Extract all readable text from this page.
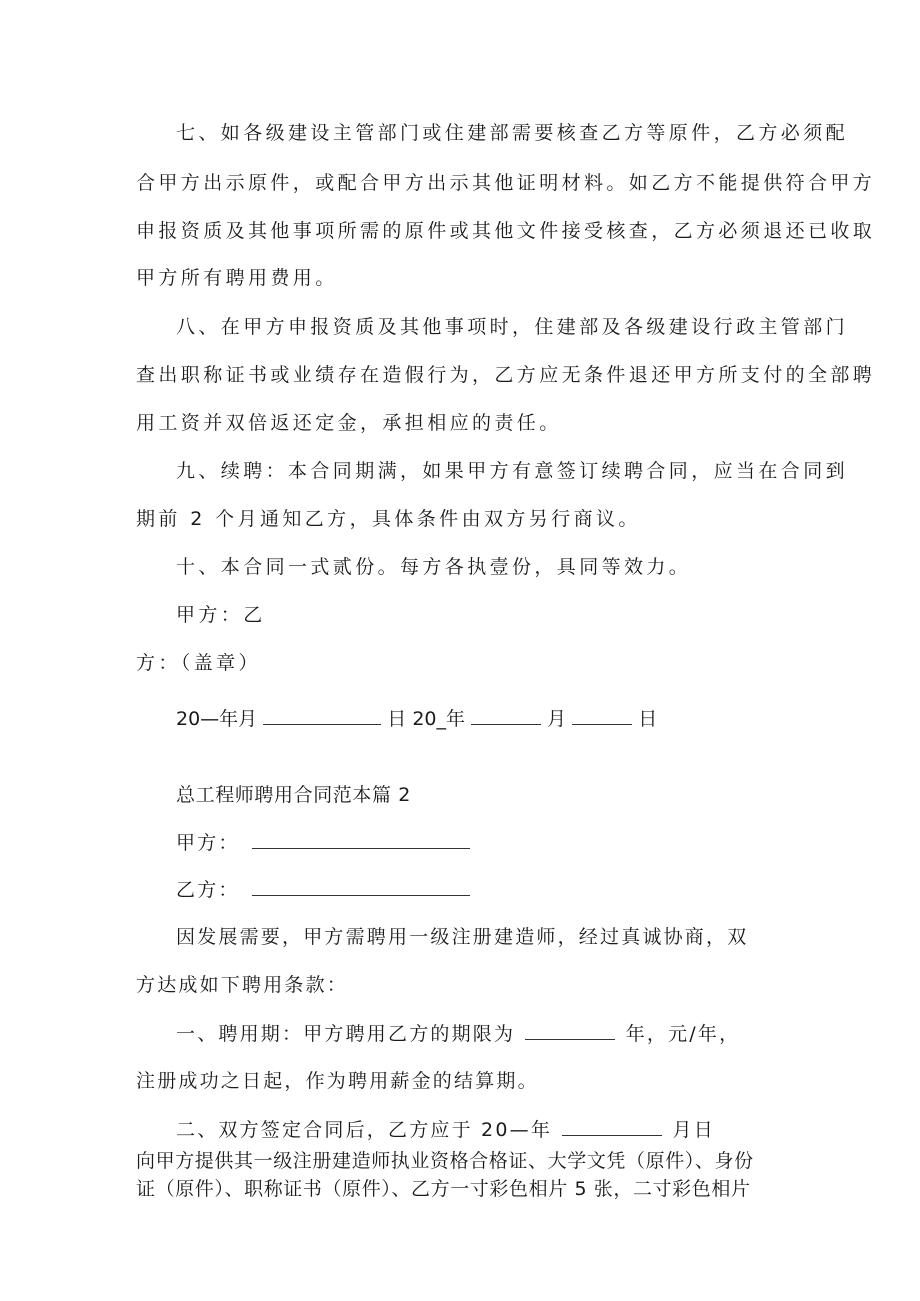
七、如各级建设主管部门或住建部需要核查乙方等原件，乙方必须配
合甲方出示原件，或配合甲方出示其他证明材料。如乙方不能提供符合甲方
申报资质及其他事项所需的原件或其他文件接受核查，乙方必须退还已收取
甲方所有聘用费用。
八、在甲方申报资质及其他事项时，住建部及各级建设行政主管部门
查出职称证书或业绩存在造假行为，乙方应无条件退还甲方所支付的全部聘
用工资并双倍返还定金，承担相应的责任。
九、续聘：本合同期满，如果甲方有意签订续聘合同，应当在合同到
期前 2 个月通知乙方，具体条件由双方另行商议。
十、本合同一式贰份。每方各执壹份，具同等效力。
甲方：乙
方：（盖章）
20—年月	日 20_年	月	日
总工程师聘用合同范本篇 2
甲方：
乙方：
因发展需要，甲方需聘用一级注册建造师，经过真诚协商，双
方达成如下聘用条款：
一、聘用期：甲方聘用乙方的期限为	年，元/年，
注册成功之日起，作为聘用薪金的结算期。
二、双方签定合同后，乙方应于 20—年	月日
向甲方提供其一级注册建造师执业资格合格证、大学文凭（原件）、身份
证（原件）、职称证书（原件）、乙方一寸彩色相片 5 张，二寸彩色相片
